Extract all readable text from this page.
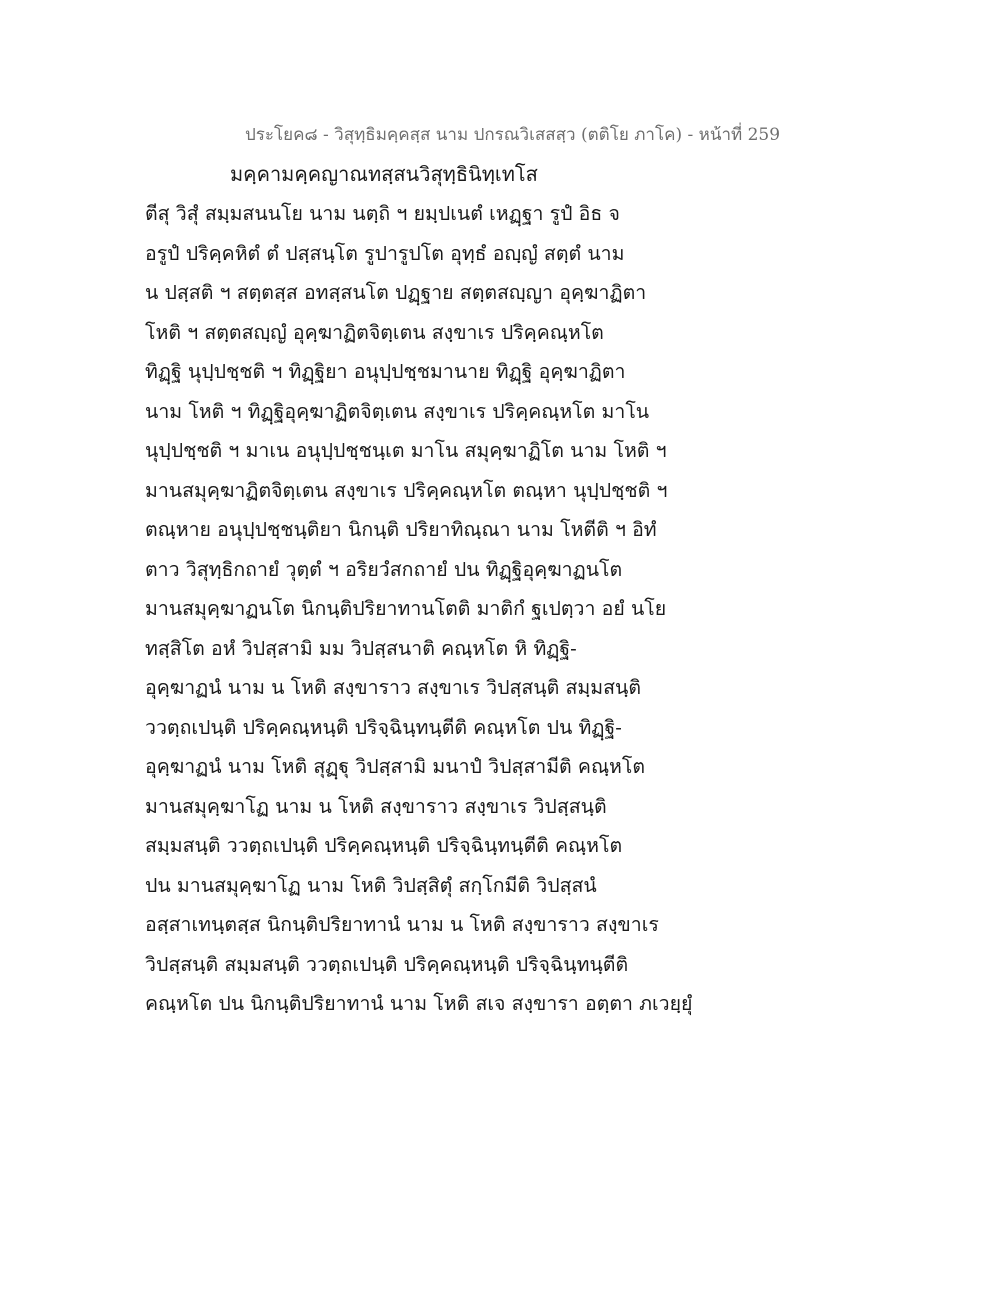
ประโยค๘ - วิสุทฺธิมคฺคสฺส นาม ปกรณวิเสสสฺว (ตติโย ภาโค) - หน้าที่ 259
มคฺคามคฺคญาณทสฺสนวิสุทฺธินิทฺเทโส
ตีสุ วิสุํ สมฺมสนนโย นาม นตฺถิ ฯ ยมฺปเนตํ เหฏฺฐา รูปํ อิธ จ
อรูปํ ปริคฺคหิตํ ตํ ปสฺสนฺโต รูปารูปโต อุทฺธํ อญฺญํ สตฺตํ นาม
น ปสฺสติ ฯ สตฺตสฺส อทสฺสนโต ปฏฺฐาย สตฺตสญฺญา อุคฺฆาฏิตา
โหติ ฯ สตฺตสญฺญํ อุคฺฆาฏิตจิตฺเตน สงฺขาเร ปริคฺคณฺหโต
ทิฏฺฐิ นุปฺปชฺชติ ฯ ทิฏฺฐิยา อนุปฺปชฺชมานาย ทิฏฺฐิ อุคฺฆาฏิตา
นาม โหติ ฯ ทิฏฺฐิอุคฺฆาฏิตจิตฺเตน สงฺขาเร ปริคฺคณฺหโต มาโน
นุปฺปชฺชติ ฯ มาเน อนุปฺปชฺชนฺเต มาโน สมุคฺฆาฏิโต นาม โหติ ฯ
มานสมุคฺฆาฏิตจิตฺเตน สงฺขาเร ปริคฺคณฺหโต ตณฺหา นุปฺปชฺชติ ฯ
ตณฺหาย อนุปฺปชฺชนฺติยา นิกนฺติ ปริยาทิณฺณา นาม โหตีติ ฯ อิทํ
ตาว วิสุทฺธิกถายํ วุตฺตํ ฯ อริยวํสกถายํ ปน ทิฏฺฐิอุคฺฆาฏนโต
มานสมุคฺฆาฏนโต นิกนฺติปริยาทานโตติ มาติกํ ฐเปตฺวา อยํ นโย
ทสฺสิโต อหํ วิปสฺสามิ มม วิปสฺสนาติ คณฺหโต หิ ทิฏฺฐิ-
อุคฺฆาฏนํ นาม น โหติ สงฺขาราว สงฺขาเร วิปสฺสนฺติ สมฺมสนฺติ
ววตฺถเปนฺติ ปริคฺคณฺหนฺติ ปริจฺฉินฺทนฺตีติ คณฺหโต ปน ทิฏฺฐิ-
อุคฺฆาฏนํ นาม โหติ สุฏฺฐุ วิปสฺสามิ มนาปํ วิปสฺสามีติ คณฺหโต
มานสมุคฺฆาโฏ นาม น โหติ สงฺขาราว สงฺขาเร วิปสฺสนฺติ
สมฺมสนฺติ ววตฺถเปนฺติ ปริคฺคณฺหนฺติ ปริจฺฉินฺทนฺตีติ คณฺหโต
ปน มานสมุคฺฆาโฏ นาม โหติ วิปสฺสิตุํ สกฺโกมีติ วิปสฺสนํ
อสฺสาเทนฺตสฺส นิกนฺติปริยาทานํ นาม น โหติ สงฺขาราว สงฺขาเร
วิปสฺสนฺติ สมฺมสนฺติ ววตฺถเปนฺติ ปริคฺคณฺหนฺติ ปริจฺฉินฺทนฺตีติ
คณฺหโต ปน นิกนฺติปริยาทานํ นาม โหติ สเจ สงฺขารา อตฺตา ภเวยฺยุํ
